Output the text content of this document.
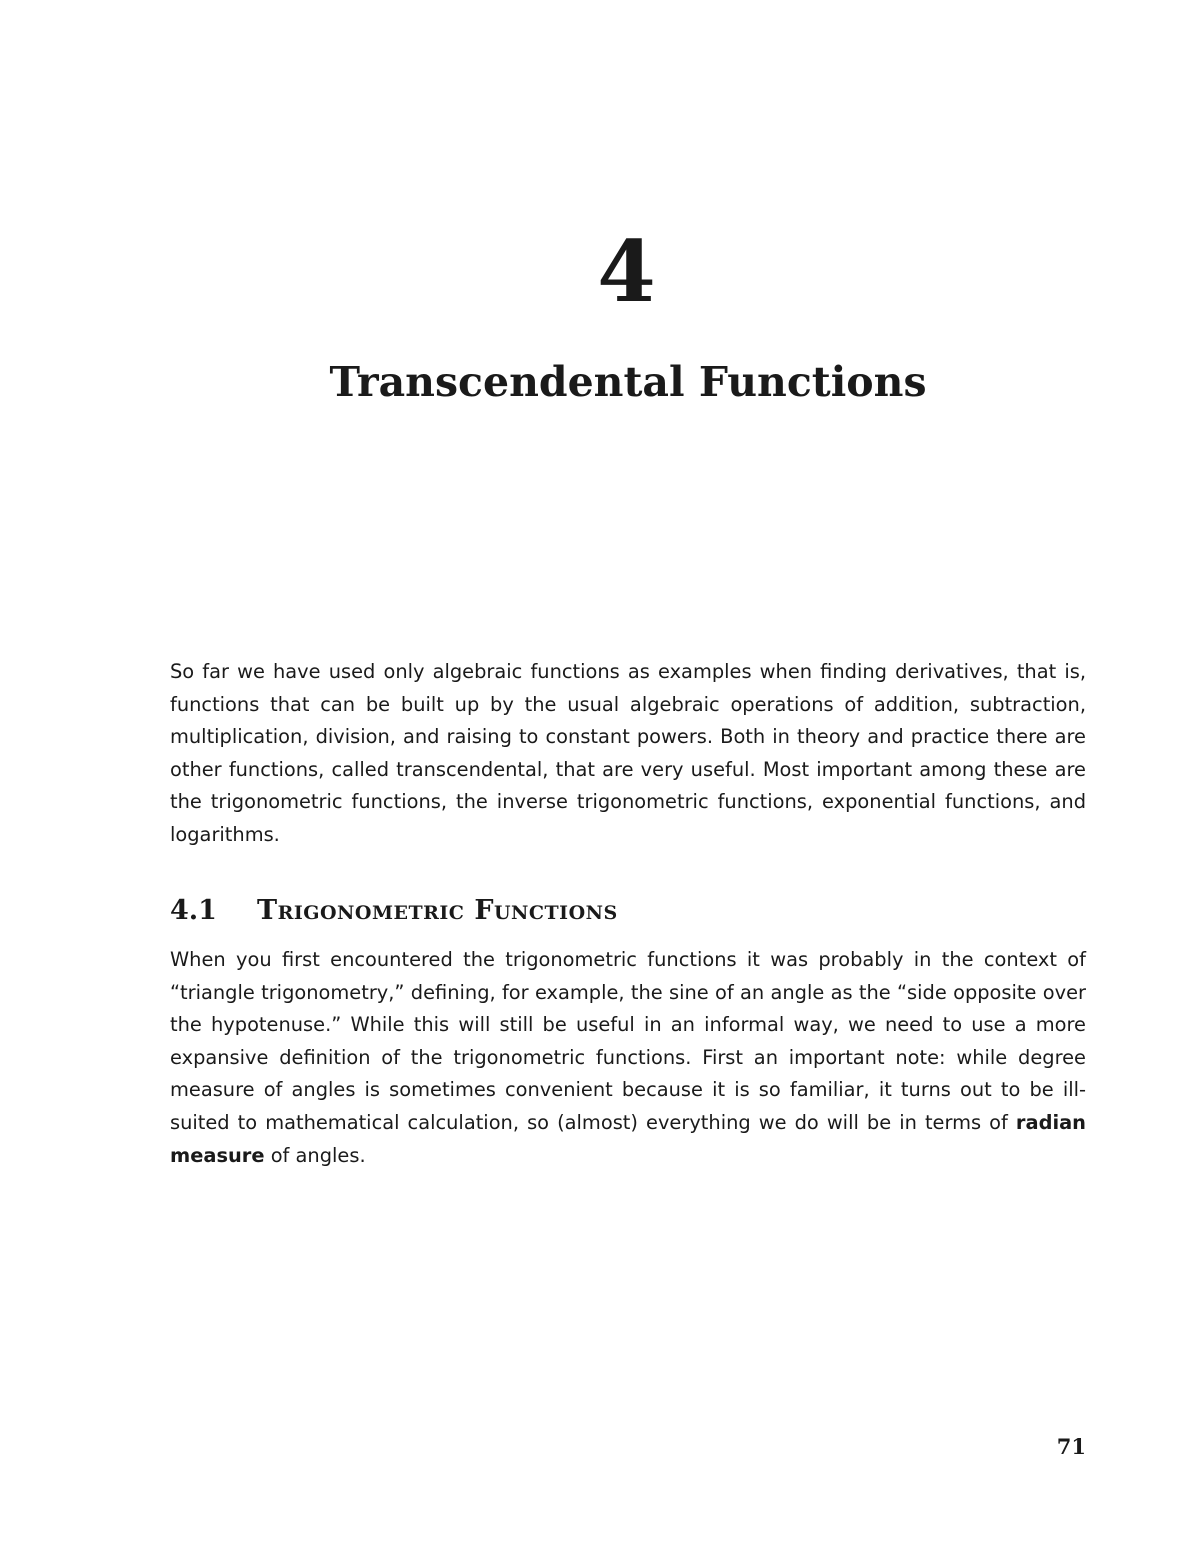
4
Transcendental Functions

So far we have used only algebraic functions as examples when finding derivatives, that is, functions that can be built up by the usual algebraic operations of addition, subtraction, multiplication, division, and raising to constant powers. Both in theory and practice there are other functions, called transcendental, that are very useful. Most important among these are the trigonometric functions, the inverse trigonometric functions, exponential functions, and logarithms.

4.1 Trigonometric Functions

When you first encountered the trigonometric functions it was probably in the context of “triangle trigonometry,” defining, for example, the sine of an angle as the “side opposite over the hypotenuse.” While this will still be useful in an informal way, we need to use a more expansive definition of the trigonometric functions. First an important note: while degree measure of angles is sometimes convenient because it is so familiar, it turns out to be ill-suited to mathematical calculation, so (almost) everything we do will be in terms of radian measure of angles.

71
